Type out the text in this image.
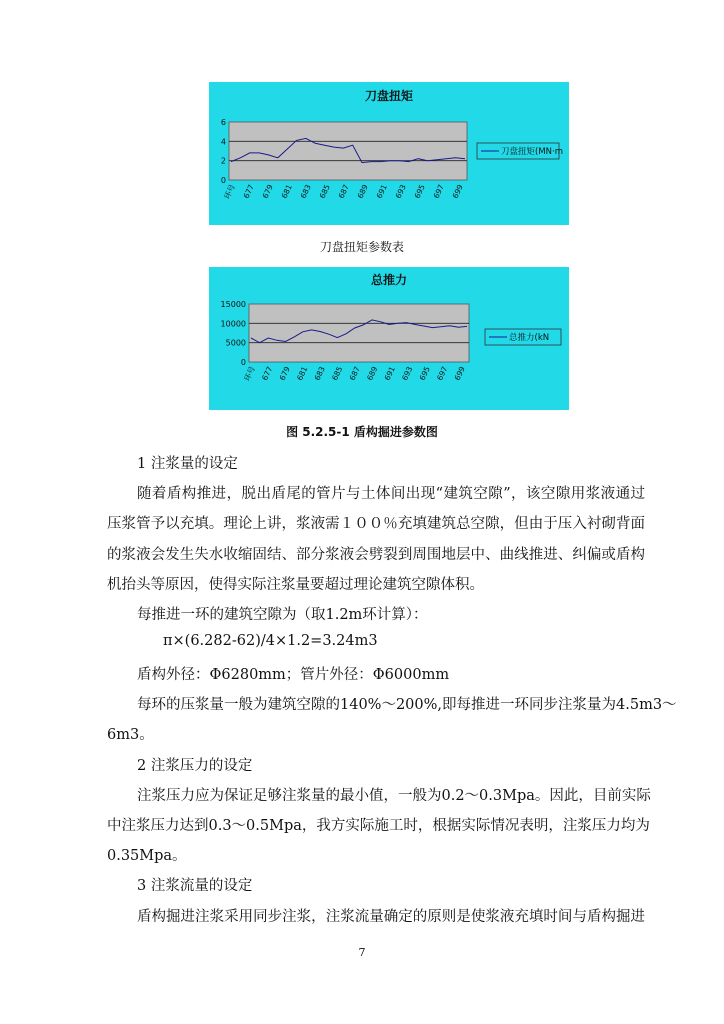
刀盘扭矩
0
2
4
6
环号 677 679 681 683 685 687 689 691 693 695 697 699
刀盘扭矩(MN·m
刀盘扭矩参数表
总推力
0
5000
10000
15000
环号 677 679 681 683 685 687 689 691 693 695 697 699
总推力(kN
图 5.2.5-1 盾构掘进参数图
1 注浆量的设定
随着盾构推进，脱出盾尾的管片与土体间出现“建筑空隙”，该空隙用浆液通过
压浆管予以充填。理论上讲，浆液需１００％充填建筑总空隙，但由于压入衬砌背面
的浆液会发生失水收缩固结、部分浆液会劈裂到周围地层中、曲线推进、纠偏或盾构
机抬头等原因，使得实际注浆量要超过理论建筑空隙体积。
每推进一环的建筑空隙为（取1.2m环计算）：
π×(6.282-62)/4×1.2=3.24m3
盾构外径：Φ6280mm；管片外径：Φ6000mm
每环的压浆量一般为建筑空隙的140%～200%,即每推进一环同步注浆量为4.5m3～
6m3。
2 注浆压力的设定
注浆压力应为保证足够注浆量的最小值，一般为0.2～0.3Mpa。因此，目前实际
中注浆压力达到0.3～0.5Mpa，我方实际施工时，根据实际情况表明，注浆压力均为
0.35Mpa。
3 注浆流量的设定
盾构掘进注浆采用同步注浆，注浆流量确定的原则是使浆液充填时间与盾构掘进
7
